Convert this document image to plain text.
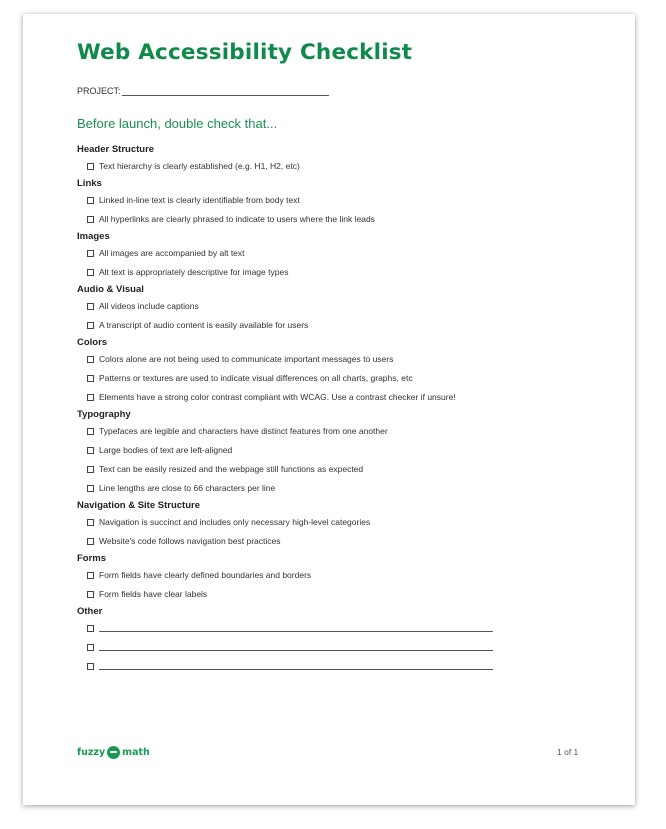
Web Accessibility Checklist
PROJECT:
Before launch, double check that...
Header Structure
Text hierarchy is clearly established (e.g. H1, H2, etc)
Links
Linked in-line text is clearly identifiable from body text
All hyperlinks are clearly phrased to indicate to users where the link leads
Images
All images are accompanied by alt text
Alt text is appropriately descriptive for image types
Audio & Visual
All videos include captions
A transcript of audio content is easily available for users
Colors
Colors alone are not being used to communicate important messages to users
Patterns or textures are used to indicate visual differences on all charts, graphs, etc
Elements have a strong color contrast compliant with WCAG. Use a contrast checker if unsure!
Typography
Typefaces are legible and characters have distinct features from one another
Large bodies of text are left-aligned
Text can be easily resized and the webpage still functions as expected
Line lengths are close to 66 characters per line
Navigation & Site Structure
Navigation is succinct and includes only necessary high-level categories
Website's code follows navigation best practices
Forms
Form fields have clearly defined boundaries and borders
Form fields have clear labels
Other
fuzzy math	1 of 1
